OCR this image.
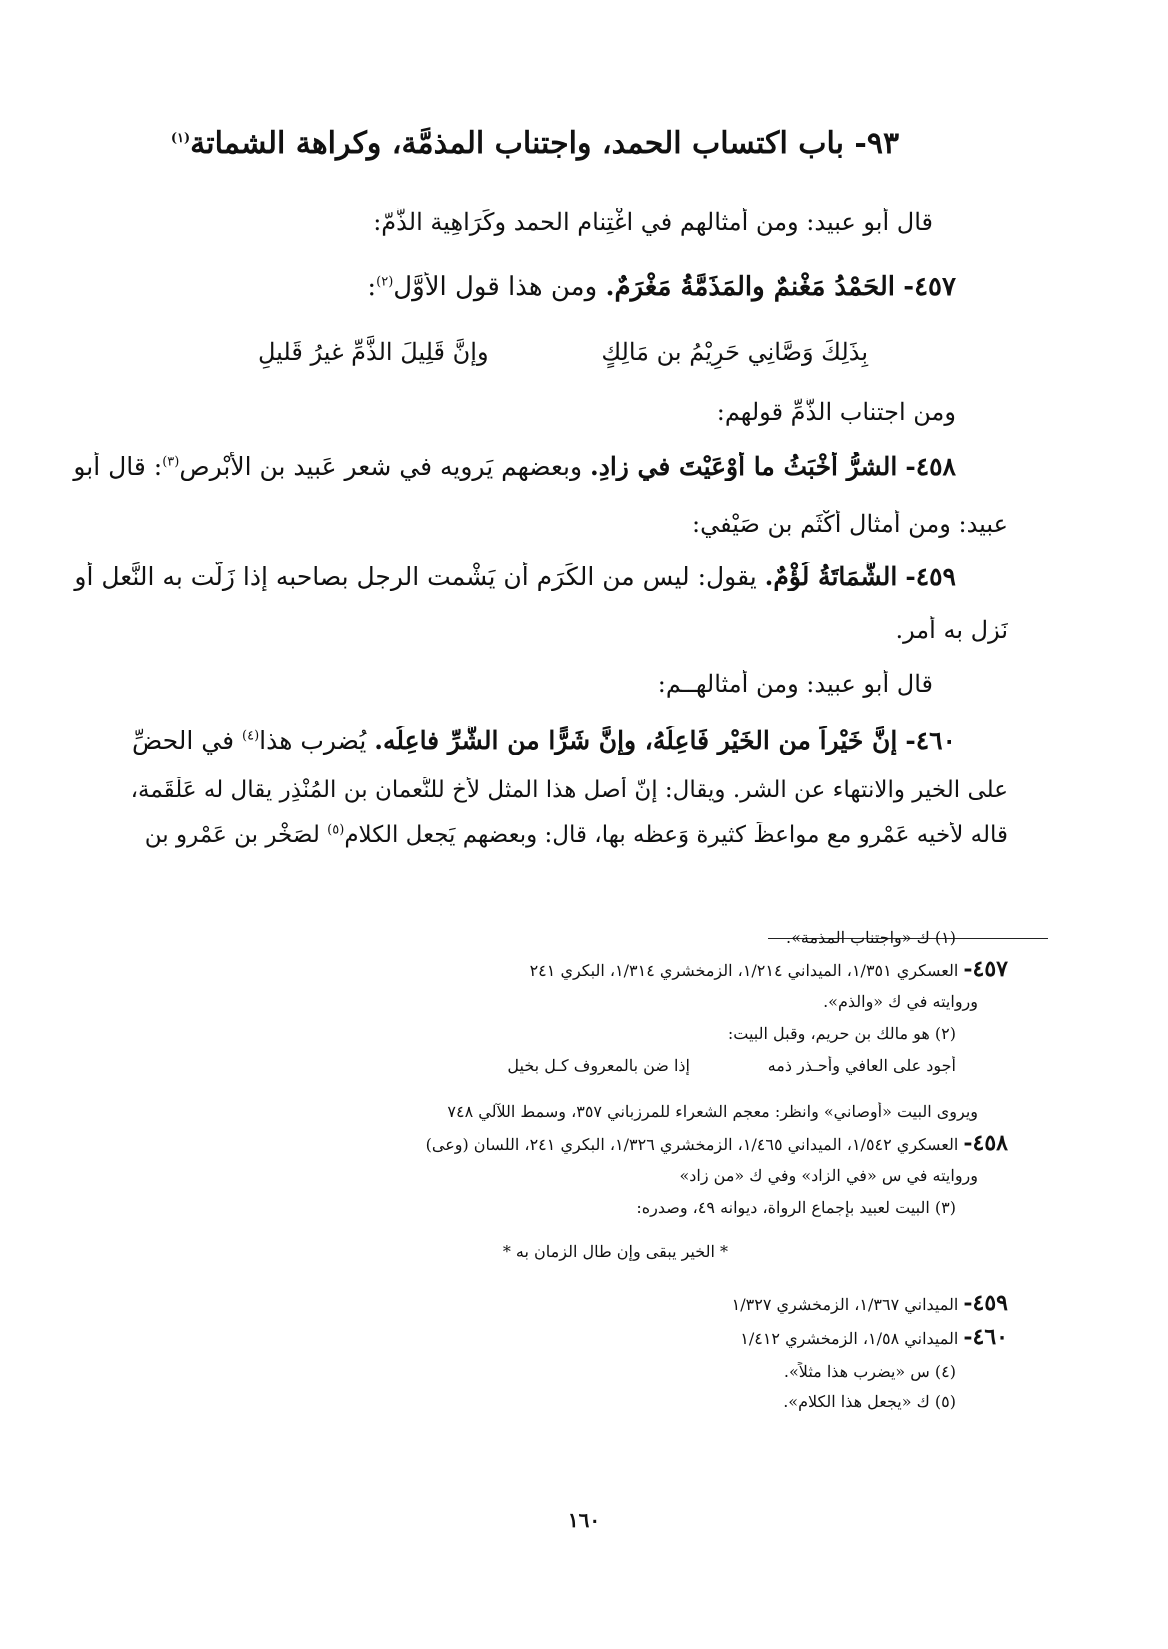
٩٣- باب اكتساب الحمد، واجتناب المذمَّة، وكراهة الشماتة$^{(١)}$
قال أبو عبيد: ومن أمثالهم في اغْتِنام الحمد وكَرَاهِية الذَّمّ:
٤٥٧- الحَمْدُ مَغْنمٌ والمَذَمَّةُ مَغْرَمٌ. ومن هذا قول الأوَّل$^{(٢)}$:
بِذَلِكَ وَصَّانِي حَرِيْمُ بن مَالِكٍ
وإنَّ قَلِيلَ الذَّمِّ غيرُ قَليلِ
ومن اجتناب الذَّمِّ قولهم:
٤٥٨- الشرُّ أخْبَثُ ما أوْعَيْتَ في زادِ. وبعضهم يَرويه في شعر عَبيد بن الأبْرص$^{(٣)}$: قال أبو
عبيد: ومن أمثال أكْثَم بن صَيْفي:
٤٥٩- الشَّمَاتَةُ لُؤْمٌ. يقول: ليس من الكَرَم أن يَشْمت الرجل بصاحبه إذا زَلَّت به النَّعل أو
نَزل به أمر.
قال أبو عبيد: ومن أمثالهــم:
٤٦٠- إنَّ خَيْراً من الخَيْر فَاعِلُهُ، وإنَّ شَرًّا من الشَّرِّ فاعِلُه. يُضرب هذا$^{(٤)}$ في الحضِّ
على الخير والانتهاء عن الشر. ويقال: إنّ أصل هذا المثل لأخٍ للنُّعمان بن المُنْذِر يقال له عَلْقَمة،
قاله لأخيه عَمْرو مع مواعظَ كثيرة وَعظه بها، قال: وبعضهم يَجعل الكلام$^{(٥)}$ لصَخْر بن عَمْرو بن
(١) ك «واجتناب المذمة».
٤٥٧- العسكري ١/٣٥١، الميداني ١/٢١٤، الزمخشري ١/٣١٤، البكري ٢٤١
وروايته في ك «والذم».
(٢) هو مالك بن حريم، وقبل البيت:
أجود على العافي وأحـذر ذمه
إذا ضن بالمعروف كـل بخيل
ويروى البيت «أوصاني» وانظر: معجم الشعراء للمرزباني ٣٥٧، وسمط اللآلي ٧٤٨
٤٥٨- العسكري ١/٥٤٢، الميداني ١/٤٦٥، الزمخشري ١/٣٢٦، البكري ٢٤١، اللسان (وعى)
وروايته في س «في الزاد» وفي ك «من زاد»
(٣) البيت لعبيد بإجماع الرواة، ديوانه ٤٩، وصدره:
* الخير يبقى وإن طال الزمان به *
٤٥٩- الميداني ١/٣٦٧، الزمخشري ١/٣٢٧
٤٦٠- الميداني ١/٥٨، الزمخشري ١/٤١٢
(٤) س «يضرب هذا مثلاً».
(٥) ك «يجعل هذا الكلام».
١٦٠
